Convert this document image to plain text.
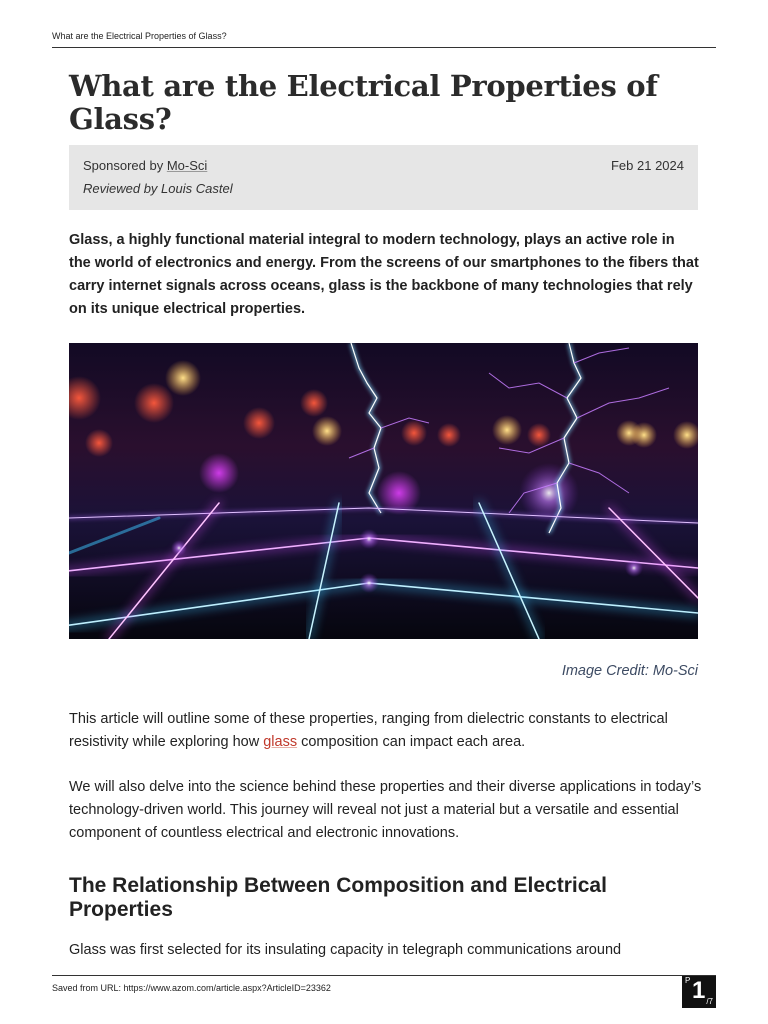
What are the Electrical Properties of Glass?
What are the Electrical Properties of Glass?
Sponsored by Mo-Sci	Feb 21 2024
Reviewed by Louis Castel

Glass, a highly functional material integral to modern technology, plays an active role in the world of electronics and energy. From the screens of our smartphones to the fibers that carry internet signals across oceans, glass is the backbone of many technologies that rely on its unique electrical properties.

Image Credit: Mo-Sci

This article will outline some of these properties, ranging from dielectric constants to electrical resistivity while exploring how glass composition can impact each area.

We will also delve into the science behind these properties and their diverse applications in today’s technology-driven world. This journey will reveal not just a material but a versatile and essential component of countless electrical and electronic innovations.

The Relationship Between Composition and Electrical Properties

Glass was first selected for its insulating capacity in telegraph communications around

Saved from URL: https://www.azom.com/article.aspx?ArticleID=23362
P 1 /7
